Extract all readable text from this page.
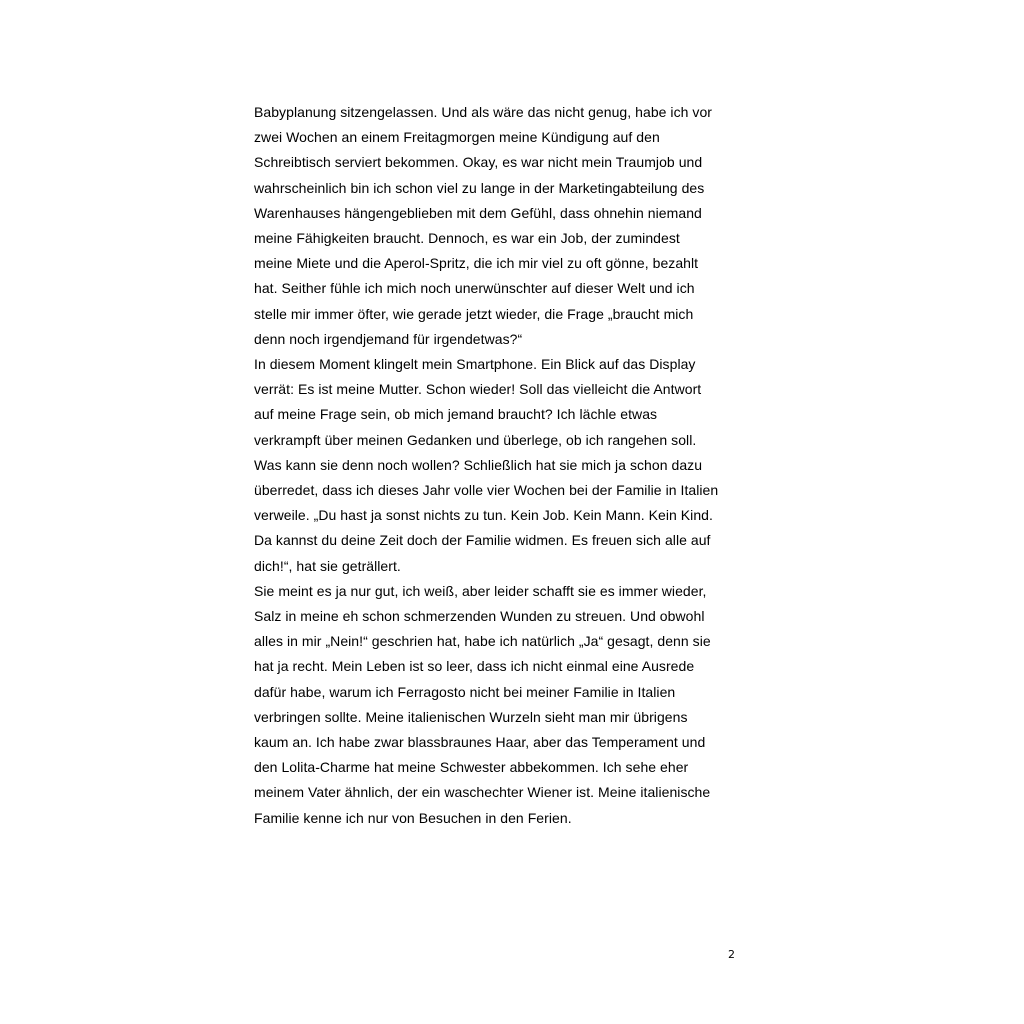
Babyplanung sitzengelassen. Und als wäre das nicht genug, habe ich vor
zwei Wochen an einem Freitagmorgen meine Kündigung auf den
Schreibtisch serviert bekommen. Okay, es war nicht mein Traumjob und
wahrscheinlich bin ich schon viel zu lange in der Marketingabteilung des
Warenhauses hängengeblieben mit dem Gefühl, dass ohnehin niemand
meine Fähigkeiten braucht. Dennoch, es war ein Job, der zumindest
meine Miete und die Aperol-Spritz, die ich mir viel zu oft gönne, bezahlt
hat. Seither fühle ich mich noch unerwünschter auf dieser Welt und ich
stelle mir immer öfter, wie gerade jetzt wieder, die Frage „braucht mich
denn noch irgendjemand für irgendetwas?“
In diesem Moment klingelt mein Smartphone. Ein Blick auf das Display
verrät: Es ist meine Mutter. Schon wieder! Soll das vielleicht die Antwort
auf meine Frage sein, ob mich jemand braucht? Ich lächle etwas
verkrampft über meinen Gedanken und überlege, ob ich rangehen soll.
Was kann sie denn noch wollen? Schließlich hat sie mich ja schon dazu
überredet, dass ich dieses Jahr volle vier Wochen bei der Familie in Italien
verweile. „Du hast ja sonst nichts zu tun. Kein Job. Kein Mann. Kein Kind.
Da kannst du deine Zeit doch der Familie widmen. Es freuen sich alle auf
dich!“, hat sie geträllert.
Sie meint es ja nur gut, ich weiß, aber leider schafft sie es immer wieder,
Salz in meine eh schon schmerzenden Wunden zu streuen. Und obwohl
alles in mir „Nein!“ geschrien hat, habe ich natürlich „Ja“ gesagt, denn sie
hat ja recht. Mein Leben ist so leer, dass ich nicht einmal eine Ausrede
dafür habe, warum ich Ferragosto nicht bei meiner Familie in Italien
verbringen sollte. Meine italienischen Wurzeln sieht man mir übrigens
kaum an. Ich habe zwar blassbraunes Haar, aber das Temperament und
den Lolita-Charme hat meine Schwester abbekommen. Ich sehe eher
meinem Vater ähnlich, der ein waschechter Wiener ist. Meine italienische
Familie kenne ich nur von Besuchen in den Ferien.
2
